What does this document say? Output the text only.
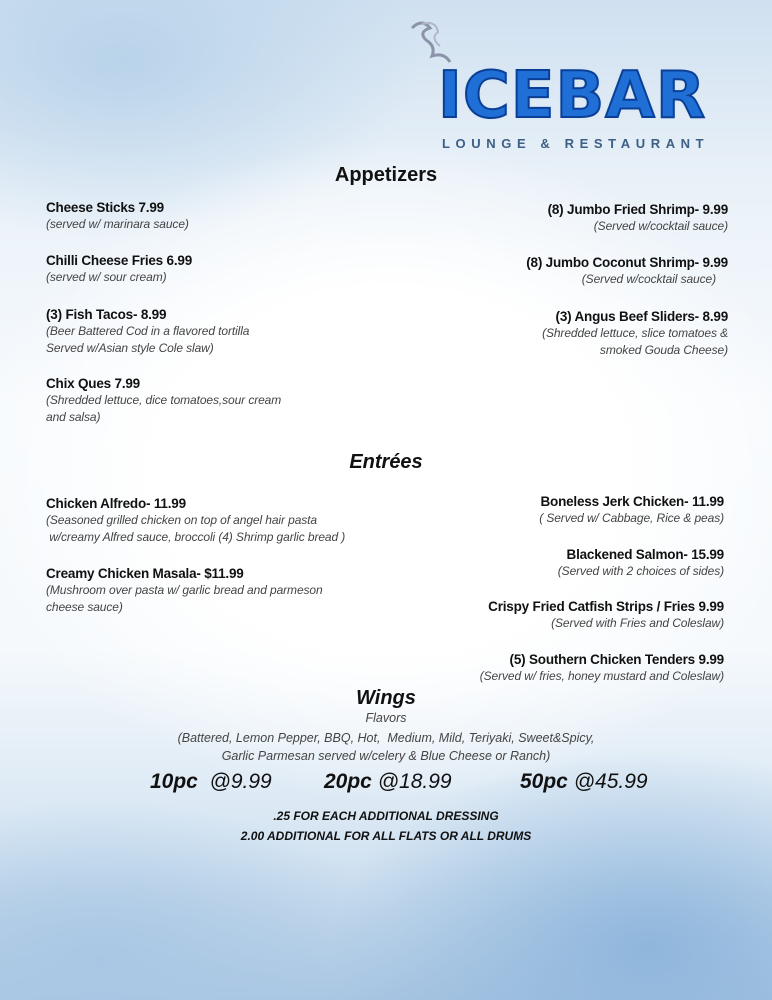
ICEBAR
LOUNGE & RESTAURANT
Appetizers
Cheese Sticks 7.99
(served w/ marinara sauce)
Chilli Cheese Fries 6.99
(served w/ sour cream)
(3) Fish Tacos- 8.99
(Beer Battered Cod in a flavored tortilla
Served w/Asian style Cole slaw)
Chix Ques 7.99
(Shredded lettuce, dice tomatoes,sour cream
and salsa)
(8) Jumbo Fried Shrimp- 9.99
(Served w/cocktail sauce)
(8) Jumbo Coconut Shrimp- 9.99
(Served w/cocktail sauce)
(3) Angus Beef Sliders- 8.99
(Shredded lettuce, slice tomatoes &
smoked Gouda Cheese)
Entrées
Chicken Alfredo- 11.99
(Seasoned grilled chicken on top of angel hair pasta
w/creamy Alfred sauce, broccoli (4) Shrimp garlic bread )
Creamy Chicken Masala- $11.99
(Mushroom over pasta w/ garlic bread and parmeson
cheese sauce)
Boneless Jerk Chicken- 11.99
( Served w/ Cabbage, Rice & peas)
Blackened Salmon- 15.99
(Served with 2 choices of sides)
Crispy Fried Catfish Strips / Fries 9.99
(Served with Fries and Coleslaw)
(5) Southern Chicken Tenders 9.99
(Served w/ fries, honey mustard and Coleslaw)
Wings
Flavors
(Battered, Lemon Pepper, BBQ, Hot,  Medium, Mild, Teriyaki, Sweet&Spicy,
Garlic Parmesan served w/celery & Blue Cheese or Ranch)
10pc @9.99 20pc @18.99	50pc @45.99
.25 FOR EACH ADDITIONAL DRESSING
2.00 ADDITIONAL FOR ALL FLATS OR ALL DRUMS
